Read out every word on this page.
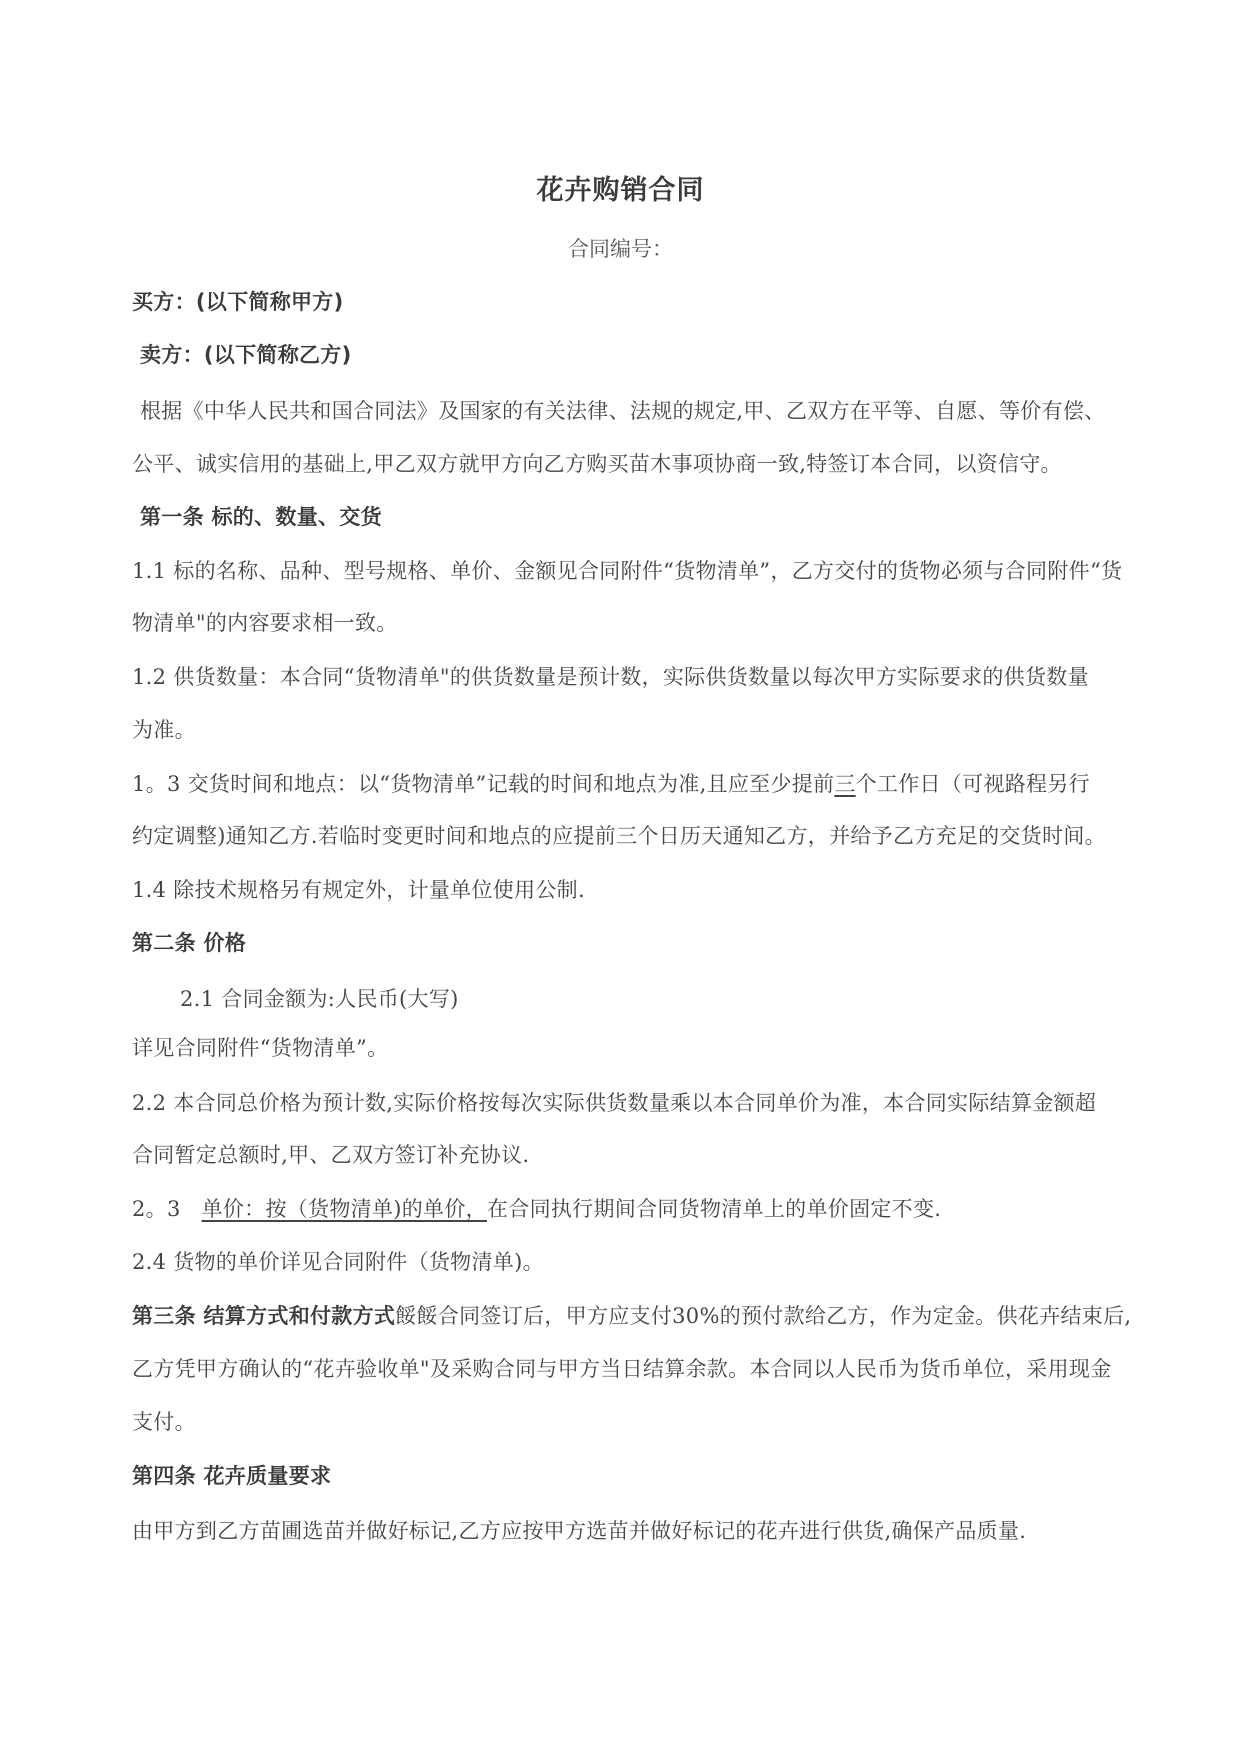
花卉购销合同
合同编号：
买方：(以下简称甲方)
卖方：(以下简称乙方)
根据《中华人民共和国合同法》及国家的有关法律、法规的规定,甲、乙双方在平等、自愿、等价有偿、
公平、诚实信用的基础上,甲乙双方就甲方向乙方购买苗木事项协商一致,特签订本合同，以资信守。
第一条 标的、数量、交货
1.1 标的名称、品种、型号规格、单价、金额见合同附件“货物清单”，乙方交付的货物必须与合同附件“货
物清单"的内容要求相一致。
1.2 供货数量：本合同“货物清单"的供货数量是预计数，实际供货数量以每次甲方实际要求的供货数量
为准。
1。3 交货时间和地点：以“货物清单”记载的时间和地点为准,且应至少提前三个工作日（可视路程另行
约定调整)通知乙方.若临时变更时间和地点的应提前三个日历天通知乙方，并给予乙方充足的交货时间。
1.4 除技术规格另有规定外，计量单位使用公制.
第二条 价格
2.1 合同金额为:人民币(大写)
详见合同附件“货物清单”。
2.2 本合同总价格为预计数,实际价格按每次实际供货数量乘以本合同单价为准，本合同实际结算金额超
合同暂定总额时,甲、乙双方签订补充协议.
2。3   单价：按（货物清单)的单价，在合同执行期间合同货物清单上的单价固定不变.
2.4 货物的单价详见合同附件（货物清单)。
第三条 结算方式和付款方式餒餒合同签订后，甲方应支付30%的预付款给乙方，作为定金。供花卉结束后,
乙方凭甲方确认的“花卉验收单"及采购合同与甲方当日结算余款。本合同以人民币为货币单位，采用现金
支付。
第四条 花卉质量要求
由甲方到乙方苗圃选苗并做好标记,乙方应按甲方选苗并做好标记的花卉进行供货,确保产品质量.
